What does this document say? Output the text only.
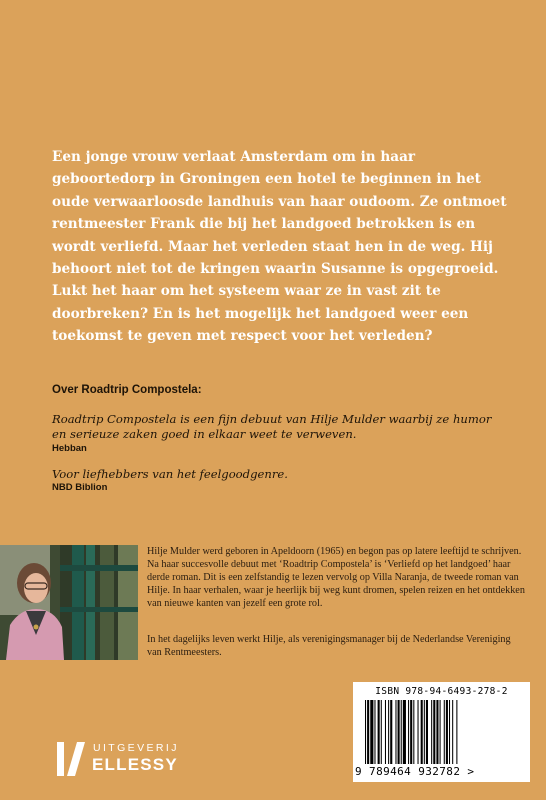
Een jonge vrouw verlaat Amsterdam om in haar geboortedorp in Groningen een hotel te beginnen in het oude verwaarloosde landhuis van haar oudoom. Ze ontmoet rentmeester Frank die bij het landgoed betrokken is en wordt verliefd. Maar het verleden staat hen in de weg. Hij behoort niet tot de kringen waarin Susanne is opgegroeid. Lukt het haar om het systeem waar ze in vast zit te doorbreken? En is het mogelijk het landgoed weer een toekomst te geven met respect voor het verleden?
Over Roadtrip Compostela:
Roadtrip Compostela is een fijn debuut van Hilje Mulder waarbij ze humor en serieuze zaken goed in elkaar weet te verweven.
Hebban
Voor liefhebbers van het feelgoodgenre.
NBD Biblion
Hilje Mulder werd geboren in Apeldoorn (1965) en begon pas op latere leeftijd te schrijven. Na haar succesvolle debuut met ‘Roadtrip Compostela’ is ‘Verliefd op het landgoed’ haar derde roman. Dit is een zelfstandig te lezen vervolg op Villa Naranja, de tweede roman van Hilje. In haar verhalen, waar je heerlijk bij weg kunt dromen, spelen reizen en het ontdekken van nieuwe kanten van jezelf een grote rol.
In het dagelijks leven werkt Hilje, als verenigingsmanager bij de Nederlandse Vereniging van Rentmeesters.
ISBN 978-94-6493-278-2
9 789464 932782 >
UITGEVERIJ
ELLESSY
